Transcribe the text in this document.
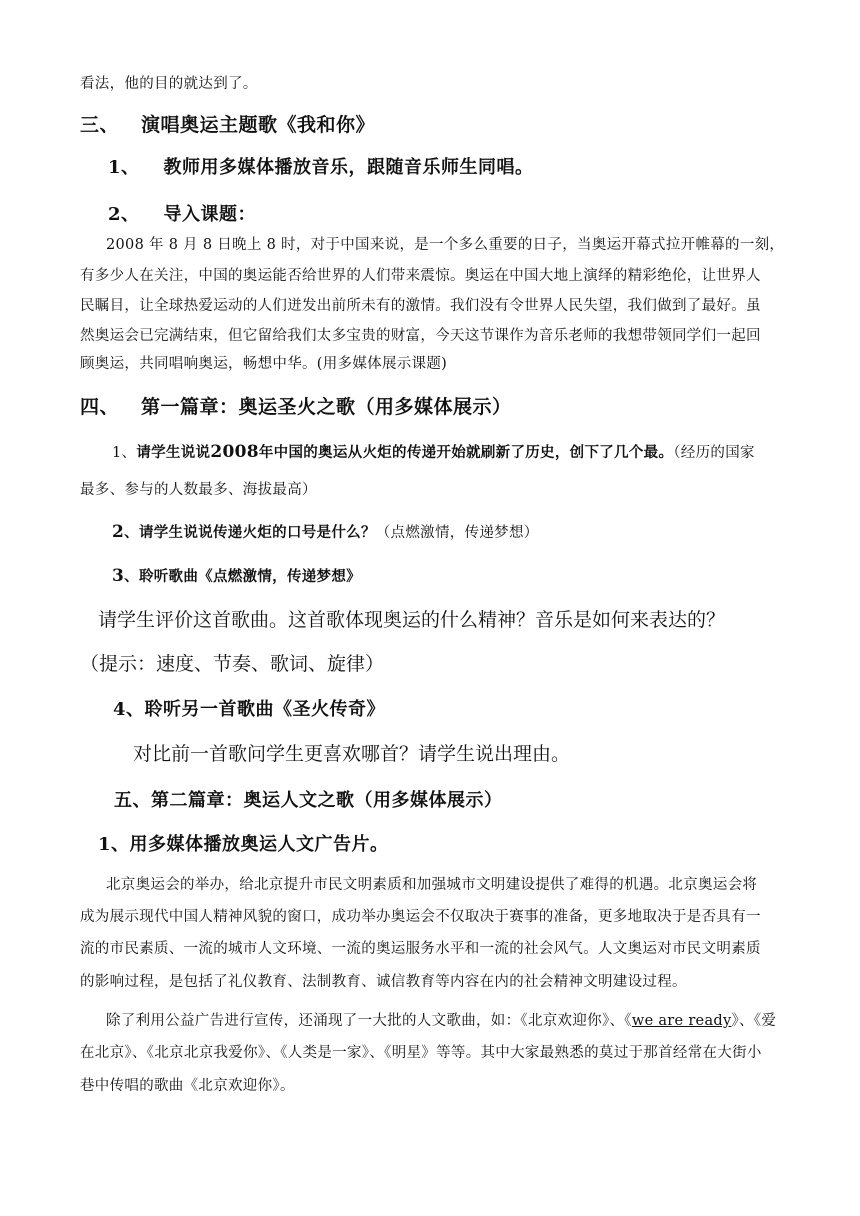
看法，他的目的就达到了。
三、 演唱奥运主题歌《我和你》
1、 教师用多媒体播放音乐，跟随音乐师生同唱。
2、 导入课题：
2008 年 8 月 8 日晚上 8 时，对于中国来说，是一个多么重要的日子，当奥运开幕式拉开帷幕的一刻，
有多少人在关注，中国的奥运能否给世界的人们带来震惊。奥运在中国大地上演绎的精彩绝伦，让世界人
民瞩目，让全球热爱运动的人们迸发出前所未有的激情。我们没有令世界人民失望，我们做到了最好。虽
然奥运会已完满结束，但它留给我们太多宝贵的财富，今天这节课作为音乐老师的我想带领同学们一起回
顾奥运，共同唱响奥运，畅想中华。(用多媒体展示课题)
四、 第一篇章：奥运圣火之歌（用多媒体展示）
1、请学生说说2008年中国的奥运从火炬的传递开始就刷新了历史，创下了几个最。（经历的国家
最多、参与的人数最多、海拔最高）
2、请学生说说传递火炬的口号是什么？（点燃激情，传递梦想）
3、聆听歌曲《点燃激情，传递梦想》
请学生评价这首歌曲。这首歌体现奥运的什么精神？音乐是如何来表达的？
（提示：速度、节奏、歌词、旋律）
4、聆听另一首歌曲《圣火传奇》
对比前一首歌问学生更喜欢哪首？请学生说出理由。
五、第二篇章：奥运人文之歌（用多媒体展示）
1、用多媒体播放奥运人文广告片。
北京奥运会的举办，给北京提升市民文明素质和加强城市文明建设提供了难得的机遇。北京奥运会将
成为展示现代中国人精神风貌的窗口，成功举办奥运会不仅取决于赛事的准备，更多地取决于是否具有一
流的市民素质、一流的城市人文环境、一流的奥运服务水平和一流的社会风气。人文奥运对市民文明素质
的影响过程，是包括了礼仪教育、法制教育、诚信教育等内容在内的社会精神文明建设过程。
除了利用公益广告进行宣传，还涌现了一大批的人文歌曲，如：《北京欢迎你》、《we are ready》、《爱
在北京》、《北京北京我爱你》、《人类是一家》、《明星》等等。其中大家最熟悉的莫过于那首经常在大街小
巷中传唱的歌曲《北京欢迎你》。
